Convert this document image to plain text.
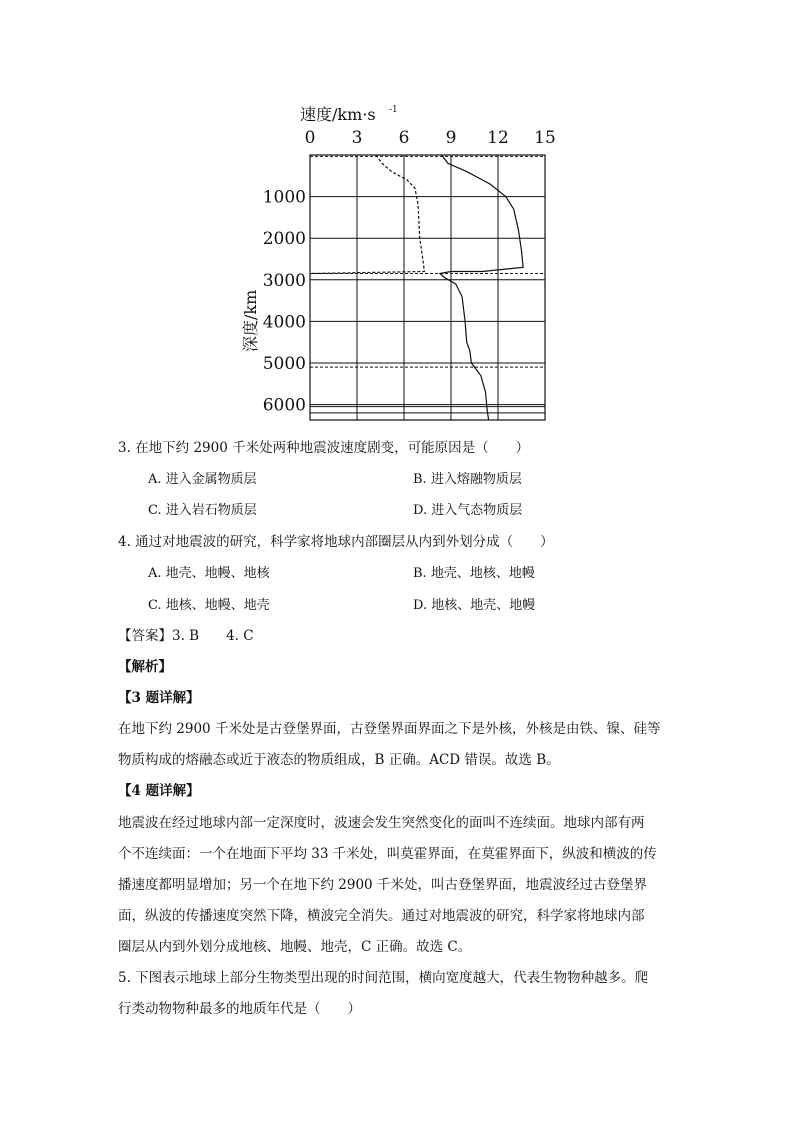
速度/km·s -1
0 3 6 9 12 15
1000
2000
3000
4000
5000
6000
深度/km
3. 在地下约 2900 千米处两种地震波速度剧变，可能原因是（　　）
A. 进入金属物质层	B. 进入熔融物质层
C. 进入岩石物质层	D. 进入气态物质层
4. 通过对地震波的研究，科学家将地球内部圈层从内到外划分成（　　）
A. 地壳、地幔、地核	B. 地壳、地核、地幔
C. 地核、地幔、地壳	D. 地核、地壳、地幔
【答案】3. B　　4. C
【解析】
【3 题详解】
在地下约 2900 千米处是古登堡界面，古登堡界面界面之下是外核，外核是由铁、镍、硅等
物质构成的熔融态或近于液态的物质组成，B 正确。ACD 错误。故选 B。
【4 题详解】
地震波在经过地球内部一定深度时，波速会发生突然变化的面叫不连续面。地球内部有两
个不连续面：一个在地面下平均 33 千米处，叫莫霍界面，在莫霍界面下，纵波和横波的传
播速度都明显增加；另一个在地下约 2900 千米处，叫古登堡界面，地震波经过古登堡界
面，纵波的传播速度突然下降，横波完全消失。通过对地震波的研究，科学家将地球内部
圈层从内到外划分成地核、地幔、地壳，C 正确。故选 C。
5. 下图表示地球上部分生物类型出现的时间范围，横向宽度越大，代表生物物种越多。爬
行类动物物种最多的地质年代是（　　）
